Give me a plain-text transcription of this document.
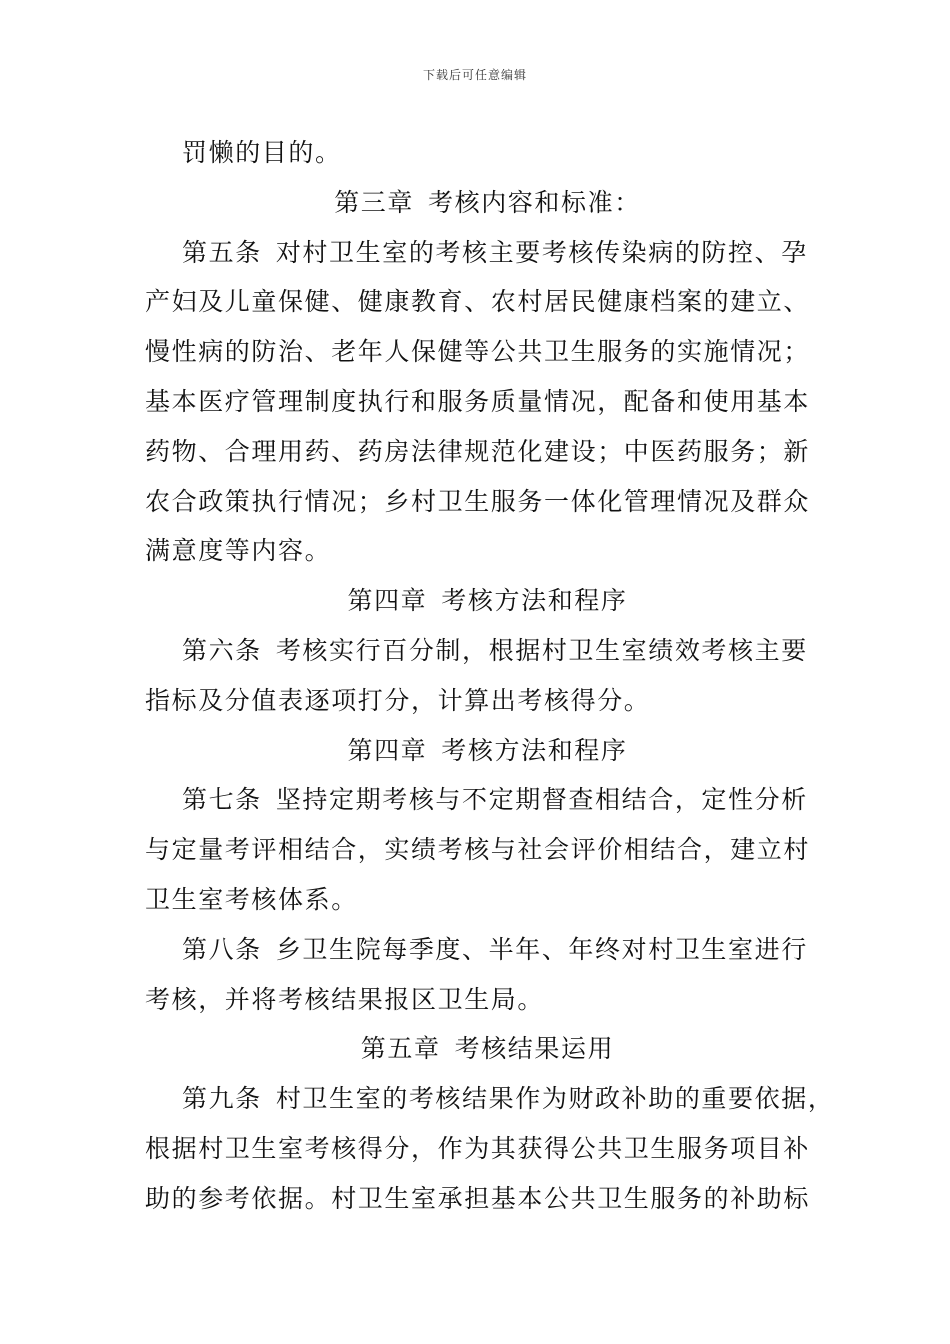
下载后可任意编辑
罚懒的目的。
第三章 考核内容和标准：
第五条 对村卫生室的考核主要考核传染病的防控、孕
产妇及儿童保健、健康教育、农村居民健康档案的建立、
慢性病的防治、老年人保健等公共卫生服务的实施情况；
基本医疗管理制度执行和服务质量情况，配备和使用基本
药物、合理用药、药房法律规范化建设；中医药服务；新
农合政策执行情况；乡村卫生服务一体化管理情况及群众
满意度等内容。
第四章 考核方法和程序
第六条 考核实行百分制，根据村卫生室绩效考核主要
指标及分值表逐项打分，计算出考核得分。
第四章 考核方法和程序
第七条 坚持定期考核与不定期督查相结合，定性分析
与定量考评相结合，实绩考核与社会评价相结合，建立村
卫生室考核体系。
第八条 乡卫生院每季度、半年、年终对村卫生室进行
考核，并将考核结果报区卫生局。
第五章 考核结果运用
第九条 村卫生室的考核结果作为财政补助的重要依据，
根据村卫生室考核得分，作为其获得公共卫生服务项目补
助的参考依据。村卫生室承担基本公共卫生服务的补助标
